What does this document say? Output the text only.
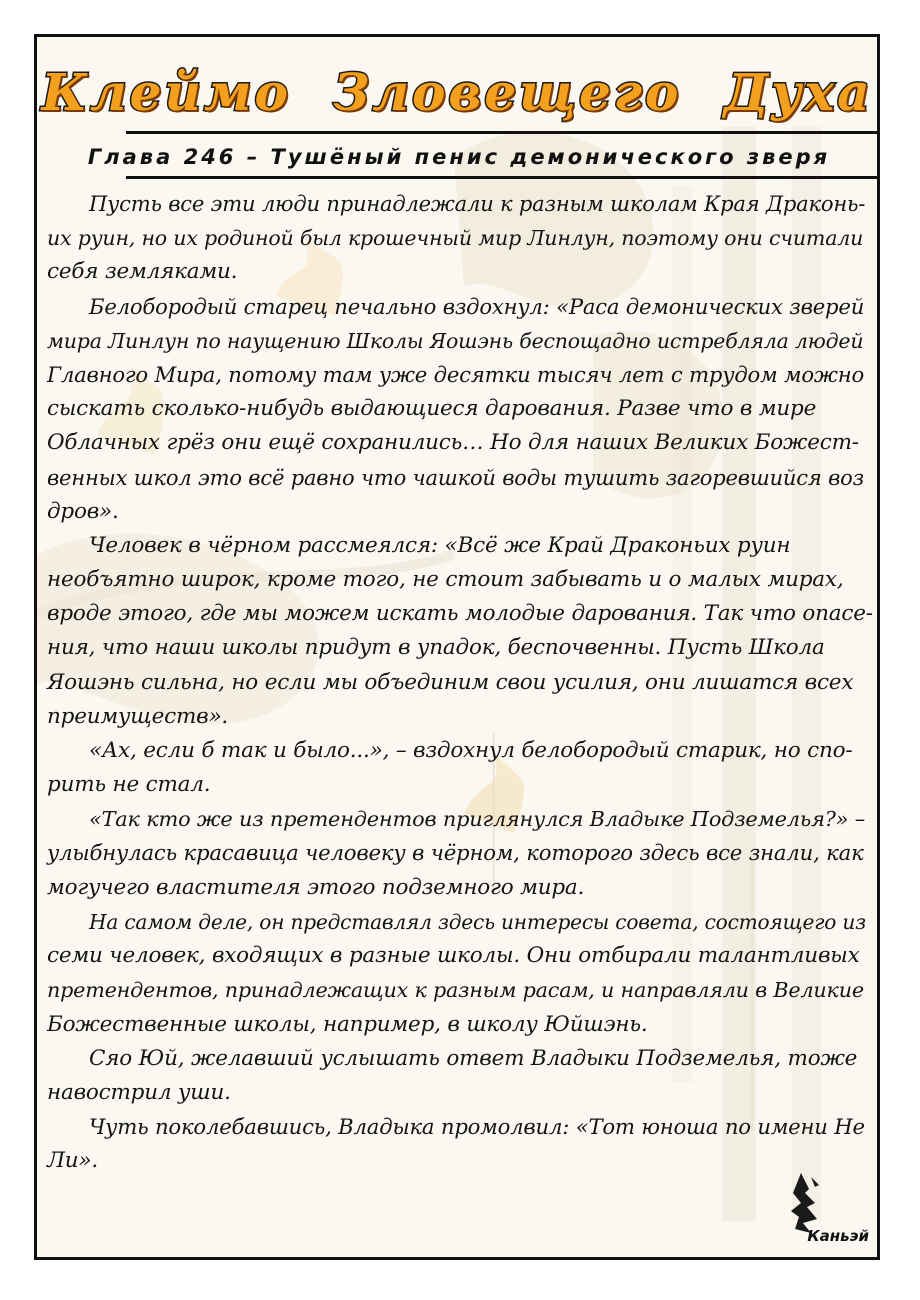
Клеймо Зловещего Духа
Глава 246 – Тушёный пенис демонического зверя
Пусть все эти люди принадлежали к разным школам Края Драконь-
их руин, но их родиной был крошечный мир Линлун, поэтому они считали
себя земляками.
Белобородый старец печально вздохнул: «Раса демонических зверей
мира Линлун по наущению Школы Яошэнь беспощадно истребляла людей
Главного Мира, потому там уже десятки тысяч лет с трудом можно
сыскать сколько-нибудь выдающиеся дарования. Разве что в мире
Облачных грёз они ещё сохранились… Но для наших Великих Божест-
венных школ это всё равно что чашкой воды тушить загоревшийся воз
дров».
Человек в чёрном рассмеялся: «Всё же Край Драконьих руин
необъятно широк, кроме того, не стоит забывать и о малых мирах,
вроде этого, где мы можем искать молодые дарования. Так что опасе-
ния, что наши школы придут в упадок, беспочвенны. Пусть Школа
Яошэнь сильна, но если мы объединим свои усилия, они лишатся всех
преимуществ».
«Ах, если б так и было...», – вздохнул белобородый старик, но спо-
рить не стал.
«Так кто же из претендентов приглянулся Владыке Подземелья?» –
улыбнулась красавица человеку в чёрном, которого здесь все знали, как
могучего властителя этого подземного мира.
На самом деле, он представлял здесь интересы совета, состоящего из
семи человек, входящих в разные школы. Они отбирали талантливых
претендентов, принадлежащих к разным расам, и направляли в Великие
Божественные школы, например, в школу Юйшэнь.
Сяо Юй, желавший услышать ответ Владыки Подземелья, тоже
навострил уши.
Чуть поколебавшись, Владыка промолвил: «Тот юноша по имени Не
Ли».
Каньэй
